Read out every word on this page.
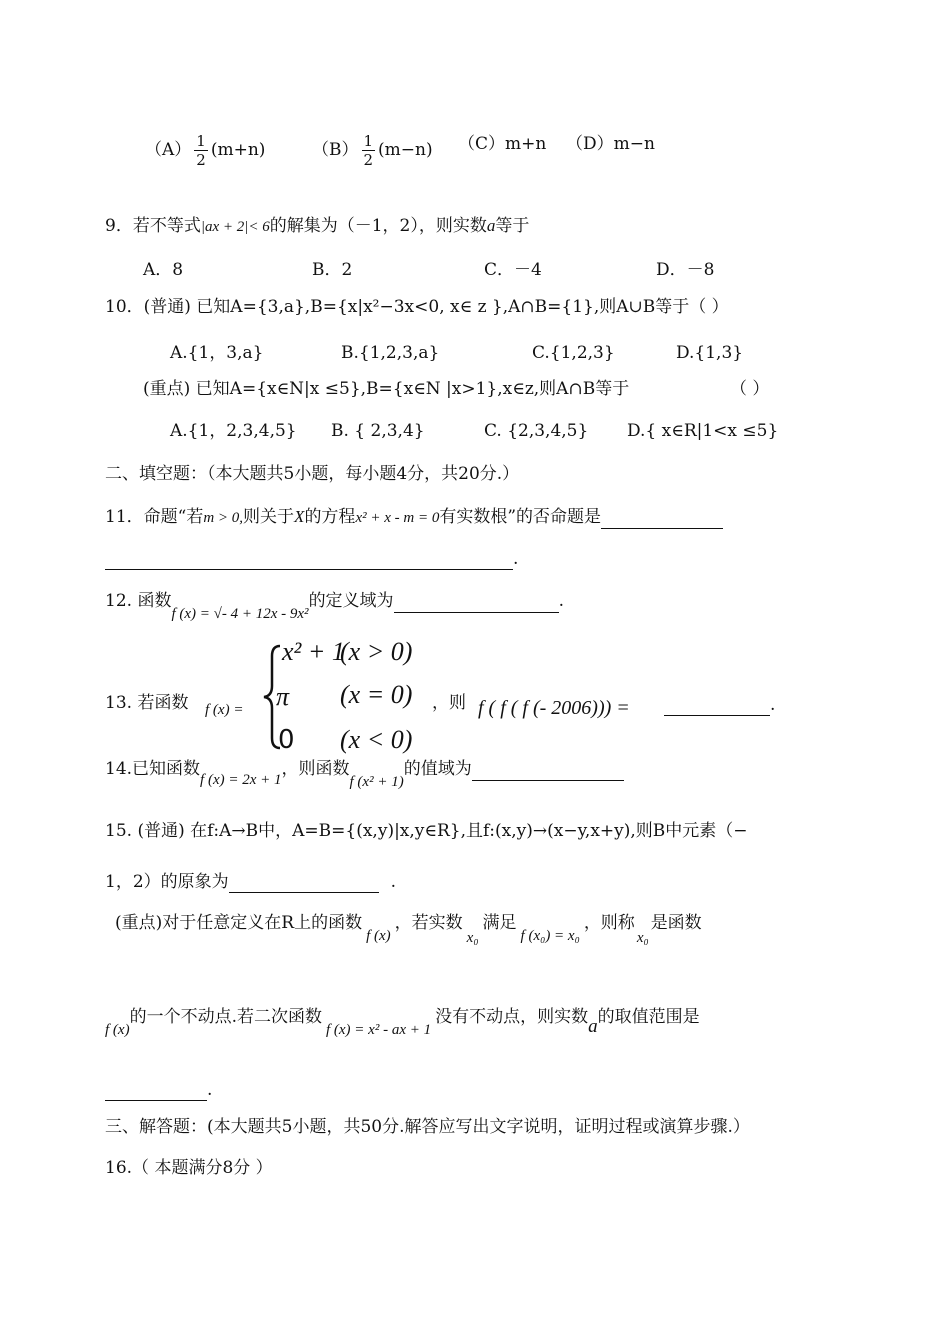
$(A) \frac{1}{2} (m+n)$	$(B) \frac{1}{2} (m-n)$ （C）m+n （D）m−n
9．若不等式|ax + 2|< 6的解集为（－1，2），则实数a等于
A．8	B．2	C．－4	D．－8
10．(普通) 已知A={3,a},B={x|x²−3x<0, x∈ z },A∩B={1},则A∪B等于（ ）
A.{1，3,a}	B.{1,2,3,a}	C.{1,2,3}	D.{1,3}
(重点) 已知A={x∈N|x ≤5},B={x∈N |x>1},x∈z,则A∩B等于	（ ）
A.{1，2,3,4,5} B. { 2,3,4}	C. {2,3,4,5} D.{ x∈R|1<x ≤5}
二、填空题：（本大题共5小题，每小题4分，共20分.）
11．命题“若m > 0,则关于X的方程x² + x - m = 0有实数根”的否命题是
.
12. 函数f (x) = √- 4 + 12x - 9x²的定义域为	.
13. 若函数 f (x) =
x² + 1
(x > 0)
π (x = 0)
0 (x < 0)
，则 f ( f ( f (- 2006))) =	.
14.已知函数f (x) = 2x + 1，则函数f (x² + 1)的值域为
15. (普通) 在f:A→B中，A=B={(x,y)|x,y∈R},且f:(x,y)→(x−y,x+y),则B中元素（−
1，2）的原象为	.
(重点)对于任意定义在R上的函数f (x)，若实数x₀满足f (x₀) = x₀，则称x₀是函数
f (x)的一个不动点.若二次函数f (x) = x² - ax + 1没有不动点，则实数a的取值范围是
.
三、解答题：(本大题共5小题，共50分.解答应写出文字说明，证明过程或演算步骤.）
16.（ 本题满分8分 ）
